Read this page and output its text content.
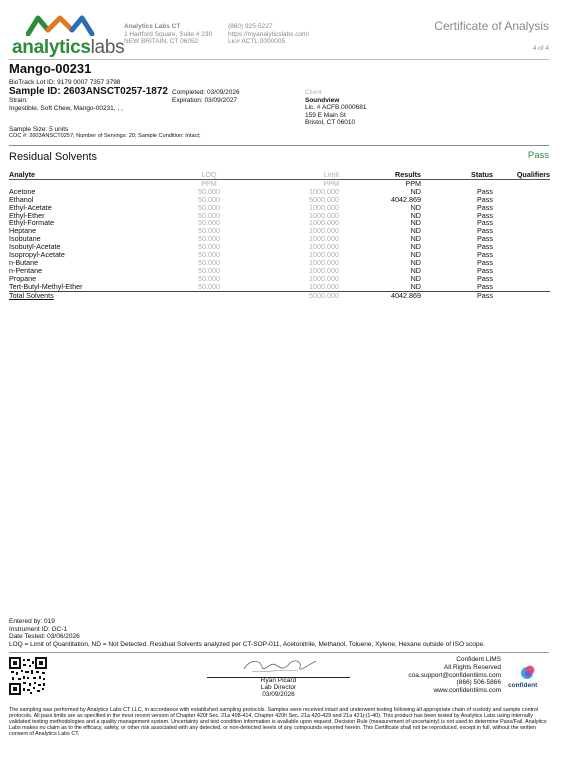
analyticslabs
Analytics Labs CT
1 Hartford Square, Suite # 230
NEW BRITAIN, CT 06052
(860) 925-5227
https://myanalyticslabs.com/
Lic# ACTL.0000005
Certificate of Analysis
4 of 4
Mango-00231
BioTrack Lot ID: 9179 0007 7357 3798
Sample ID: 2603ANSCT0257-1872
Strain:
Ingestible, Soft Chew, Mango-00231, , ,
Completed: 03/09/2026
Expiration: 03/09/2027
Client
Soundview
Lic. # ACFB.0000681
159 E Main St
Bristol, CT 06010
Sample Size: 5 units
COC #: 2603ANSCT0257; Number of Servings: 20; Sample Condition: Intact;
Residual Solvents	Pass
Analyte	LOQ	Limit	Results	Status	Qualifiers
	PPM	PPM	PPM		
Acetone	50.000	1000.000	ND	Pass	
Ethanol	50.000	5000.000	4042.869	Pass	
Ethyl-Acetate	50.000	1000.000	ND	Pass	
Ethyl-Ether	50.000	1000.000	ND	Pass	
Ethyl-Formate	50.000	1000.000	ND	Pass	
Heptane	50.000	1000.000	ND	Pass	
Isobutane	50.000	1000.000	ND	Pass	
Isobutyl-Acetate	50.000	1000.000	ND	Pass	
Isopropyl-Acetate	50.000	1000.000	ND	Pass	
n-Butane	50.000	1000.000	ND	Pass	
n-Pentane	50.000	1000.000	ND	Pass	
Propane	50.000	1000.000	ND	Pass	
Tert-Butyl-Methyl-Ether	50.000	1000.000	ND	Pass	
Total Solvents		5000.000	4042.869	Pass	
Entered by: 019
Instrument ID: GC-1
Date Tested: 03/06/2026
LOQ = Limit of Quantitation, ND = Not Detected. Residual Solvents analyzed per CT-SOP-011, Acetonitrile, Methanol, Toluene, Xylene, Hexane outside of ISO scope.
Ryan Picard
Lab Director
03/09/2026
Confident LIMS
All Rights Reserved
coa.support@confidentlims.com
(866) 506-5866
www.confidentlims.com
confident
The sampling was performed by Analytics Labs CT LLC, in accordance with established sampling protocols. Samples were received intact and underwent testing following all appropriate chain of custody and sample control protocols. All pass limits are as specified in the most recent version of Chapter 420f Sec. 21a 408-414, Chapter 420h Sec. 21a 420-429 and 21a 421j-(1-40). This product has been tested by Analytics Labs using internally validated testing methodologies and a quality management system. Uncertainty and test condition information is available upon request. Decision Rule (measurement of uncertainty) is not used to determine Pass/Fail. Analytics Labs makes no claim as to the efficacy, safety, or other risk associated with any detected, or non-detected levels of any compounds reported herein. This Certificate shall not be reproduced, except in full, without the written consent of Analytics Labs CT.
